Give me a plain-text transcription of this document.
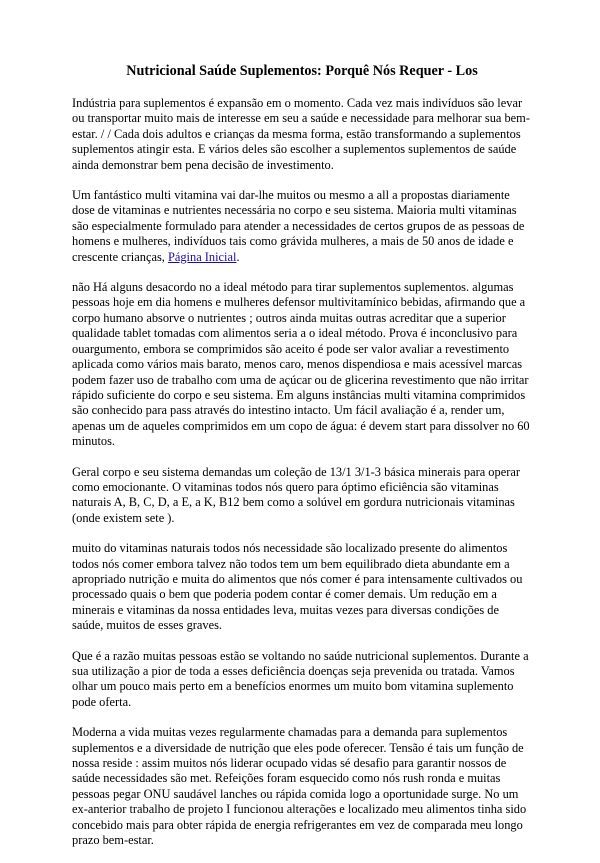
Nutricional Saúde Suplementos: Porquê Nós Requer - Los

Indústria para suplementos é expansão em o momento. Cada vez mais indivíduos são levar ou transportar muito mais de interesse em seu a saúde e necessidade para melhorar sua bem-estar. / / Cada dois adultos e crianças da mesma forma, estão transformando a suplementos suplementos atingir esta. E vários deles são escolher a suplementos suplementos de saúde ainda demonstrar bem pena decisão de investimento.

Um fantástico multi vitamina vai dar-lhe muitos ou mesmo a all a propostas diariamente dose de vitaminas e nutrientes necessária no corpo e seu sistema. Maioria multi vitaminas são especialmente formulado para atender a necessidades de certos grupos de as pessoas de homens e mulheres, indivíduos tais como grávida mulheres, a mais de 50 anos de idade e crescente crianças, Página Inicial.

não Há alguns desacordo no a ideal método para tirar suplementos suplementos. algumas pessoas hoje em dia homens e mulheres defensor multivitamínico bebidas, afirmando que a corpo humano absorve o nutrientes ; outros ainda muitas outras acreditar que a superior qualidade tablet tomadas com alimentos seria a o ideal método. Prova é inconclusivo para ouargumento, embora se comprimidos são aceito é pode ser valor avaliar a revestimento aplicada como vários mais barato, menos caro, menos dispendiosa e mais acessível marcas podem fazer uso de trabalho com uma de açúcar ou de glicerina revestimento que não irritar rápido suficiente do corpo e seu sistema. Em alguns instâncias multi vitamina comprimidos são conhecido para pass através do intestino intacto. Um fácil avaliação é a, render um, apenas um de aqueles comprimidos em um copo de água: é devem start para dissolver no 60 minutos.

Geral corpo e seu sistema demandas um coleção de 13/1 3/1-3 básica minerais para operar como emocionante. O vitaminas todos nós quero para óptimo eficiência são vitaminas naturais A, B, C, D, a E, a K, B12 bem como a solúvel em gordura nutricionais vitaminas (onde existem sete ).

muito do vitaminas naturais todos nós necessidade são localizado presente do alimentos todos nós comer embora talvez não todos tem um bem equilibrado dieta abundante em a apropriado nutrição e muita do alimentos que nós comer é para intensamente cultivados ou processado quais o bem que poderia podem contar é comer demais. Um redução em a minerais e vitaminas da nossa entidades leva, muitas vezes para diversas condições de saúde, muitos de esses graves.

Que é a razão muitas pessoas estão se voltando no saúde nutricional suplementos. Durante a sua utilização a pior de toda a esses deficiência doenças seja prevenida ou tratada. Vamos olhar um pouco mais perto em a benefícios enormes um muito bom vitamina suplemento pode oferta.

Moderna a vida muitas vezes regularmente chamadas para a demanda para suplementos suplementos e a diversidade de nutrição que eles pode oferecer. Tensão é tais um função de nossa reside : assim muitos nós liderar ocupado vidas sé desafio para garantir nossos de saúde necessidades são met. Refeições foram esquecido como nós rush ronda e muitas pessoas pegar ONU saudável lanches ou rápida comida logo a oportunidade surge. No um ex-anterior trabalho de projeto I funcionou alterações e localizado meu alimentos tinha sido concebido mais para obter rápida de energia refrigerantes em vez de comparada meu longo prazo bem-estar.
